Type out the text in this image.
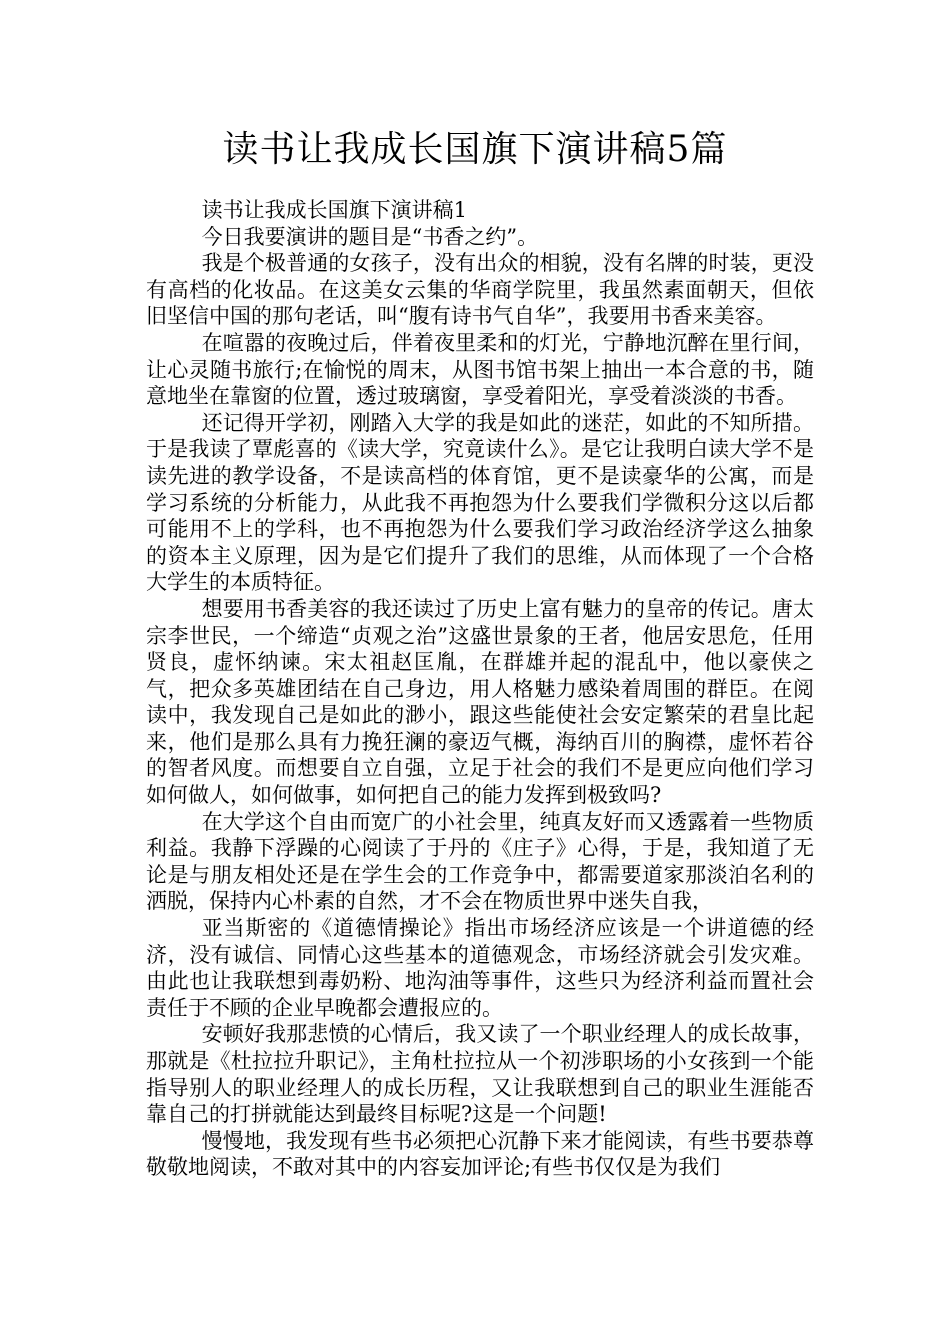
读书让我成长国旗下演讲稿5篇

读书让我成长国旗下演讲稿1

今日我要演讲的题目是“书香之约”。

我是个极普通的女孩子，没有出众的相貌，没有名牌的时装，更没有高档的化妆品。在这美女云集的华商学院里，我虽然素面朝天，但依旧坚信中国的那句老话，叫“腹有诗书气自华”，我要用书香来美容。

在喧嚣的夜晚过后，伴着夜里柔和的灯光，宁静地沉醉在里行间，让心灵随书旅行;在愉悦的周末，从图书馆书架上抽出一本合意的书，随意地坐在靠窗的位置，透过玻璃窗，享受着阳光，享受着淡淡的书香。

还记得开学初，刚踏入大学的我是如此的迷茫，如此的不知所措。于是我读了覃彪喜的《读大学，究竟读什么》。是它让我明白读大学不是读先进的教学设备，不是读高档的体育馆，更不是读豪华的公寓，而是学习系统的分析能力，从此我不再抱怨为什么要我们学微积分这以后都可能用不上的学科，也不再抱怨为什么要我们学习政治经济学这么抽象的资本主义原理，因为是它们提升了我们的思维，从而体现了一个合格大学生的本质特征。

想要用书香美容的我还读过了历史上富有魅力的皇帝的传记。唐太宗李世民，一个缔造“贞观之治”这盛世景象的王者，他居安思危，任用贤良，虚怀纳谏。宋太祖赵匡胤，在群雄并起的混乱中，他以豪侠之气，把众多英雄团结在自己身边，用人格魅力感染着周围的群臣。在阅读中，我发现自己是如此的渺小，跟这些能使社会安定繁荣的君皇比起来，他们是那么具有力挽狂澜的豪迈气概，海纳百川的胸襟，虚怀若谷的智者风度。而想要自立自强，立足于社会的我们不是更应向他们学习如何做人，如何做事，如何把自己的能力发挥到极致吗?

在大学这个自由而宽广的小社会里，纯真友好而又透露着一些物质利益。我静下浮躁的心阅读了于丹的《庄子》心得，于是，我知道了无论是与朋友相处还是在学生会的工作竞争中，都需要道家那淡泊名利的洒脱，保持内心朴素的自然，才不会在物质世界中迷失自我，

亚当斯密的《道德情操论》指出市场经济应该是一个讲道德的经济，没有诚信、同情心这些基本的道德观念，市场经济就会引发灾难。由此也让我联想到毒奶粉、地沟油等事件，这些只为经济利益而置社会责任于不顾的企业早晚都会遭报应的。

安顿好我那悲愤的心情后，我又读了一个职业经理人的成长故事，那就是《杜拉拉升职记》，主角杜拉拉从一个初涉职场的小女孩到一个能指导别人的职业经理人的成长历程，又让我联想到自己的职业生涯能否靠自己的打拼就能达到最终目标呢?这是一个问题!

慢慢地，我发现有些书必须把心沉静下来才能阅读，有些书要恭尊敬敬地阅读，不敢对其中的内容妄加评论;有些书仅仅是为我们
